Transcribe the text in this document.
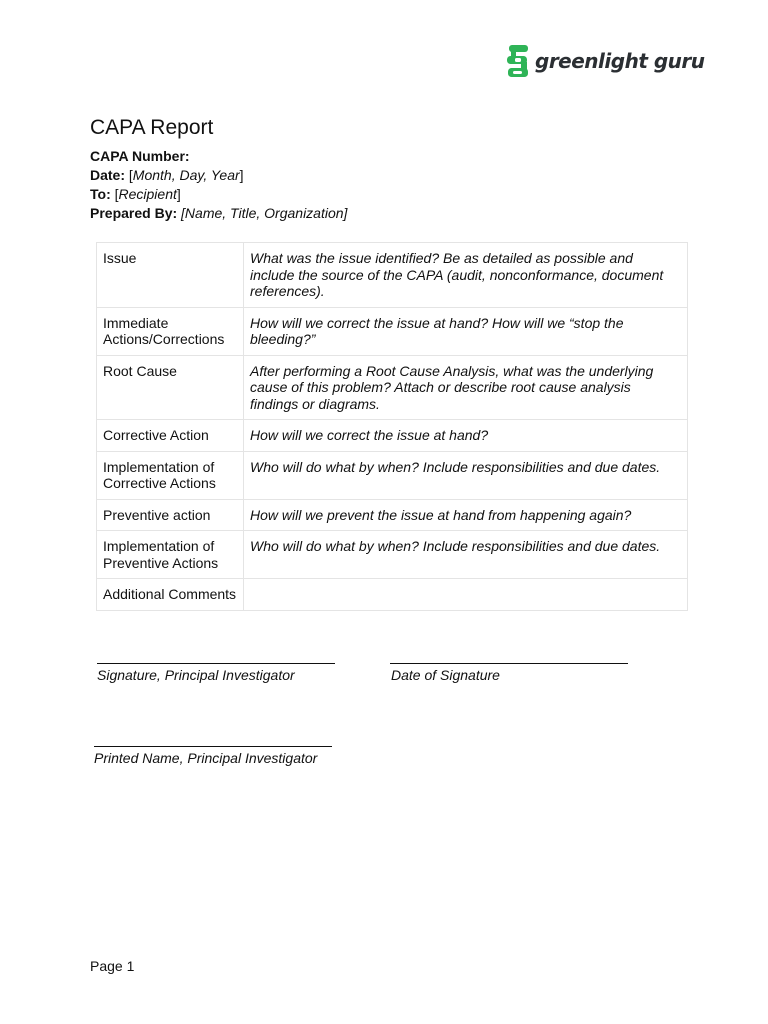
greenlight guru
CAPA Report
CAPA Number:
Date: [Month, Day, Year]
To: [Recipient]
Prepared By: [Name, Title, Organization]
Issue	What was the issue identified? Be as detailed as possible and include the source of the CAPA (audit, nonconformance, document references).
Immediate Actions/Corrections	How will we correct the issue at hand? How will we “stop the bleeding?”
Root Cause	After performing a Root Cause Analysis, what was the underlying cause of this problem? Attach or describe root cause analysis findings or diagrams.
Corrective Action	How will we correct the issue at hand?
Implementation of Corrective Actions	Who will do what by when? Include responsibilities and due dates.
Preventive action	How will we prevent the issue at hand from happening again?
Implementation of Preventive Actions	Who will do what by when? Include responsibilities and due dates.
Additional Comments	
Signature, Principal Investigator	Date of Signature
Printed Name, Principal Investigator
Page 1
